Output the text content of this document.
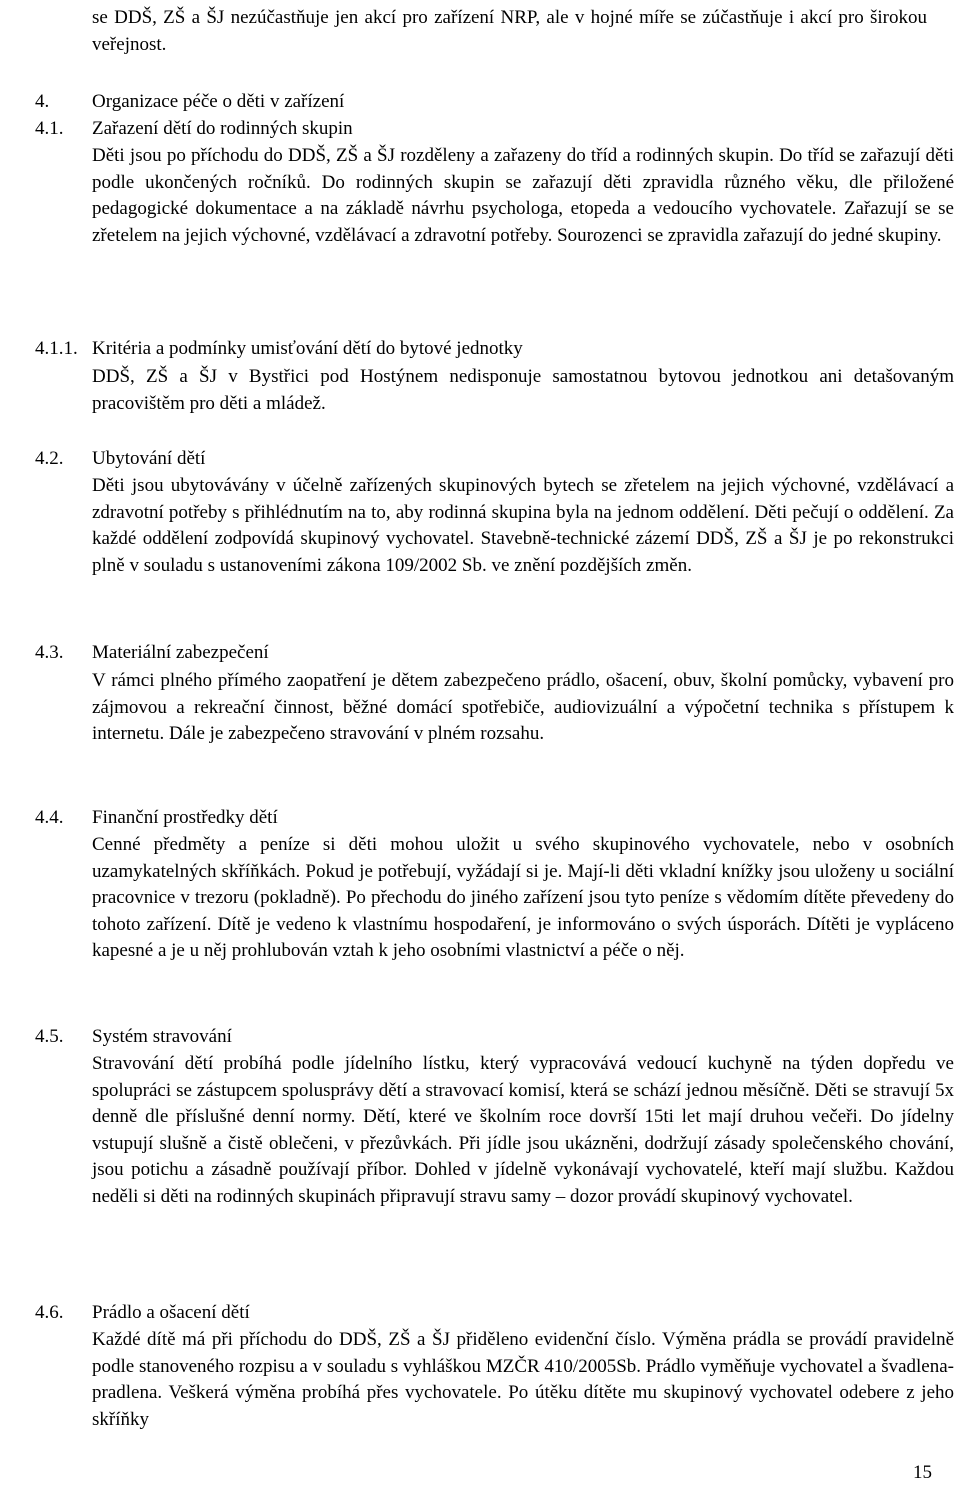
se DDŠ, ZŠ a ŠJ nezúčastňuje jen akcí pro zařízení NRP, ale v hojné míře se zúčastňuje i akcí pro širokou veřejnost.

4. Organizace péče o děti v zařízení
4.1. Zařazení dětí do rodinných skupin

Děti jsou po příchodu do DDŠ, ZŠ a ŠJ rozděleny a zařazeny do tříd a rodinných skupin. Do tříd se zařazují děti podle ukončených ročníků. Do rodinných skupin se zařazují děti zpravidla různého věku, dle přiložené pedagogické dokumentace a na základě návrhu psychologa, etopeda a vedoucího vychovatele. Zařazují se se zřetelem na jejich výchovné, vzdělávací a zdravotní potřeby. Sourozenci se zpravidla zařazují do jedné skupiny.

4.1.1. Kritéria a podmínky umisťování dětí do bytové jednotky

DDŠ, ZŠ a ŠJ v Bystřici pod Hostýnem nedisponuje samostatnou bytovou jednotkou ani detašovaným pracovištěm pro děti a mládež.

4.2. Ubytování dětí

Děti jsou ubytovávány v účelně zařízených skupinových bytech se zřetelem na jejich výchovné, vzdělávací a zdravotní potřeby s přihlédnutím na to, aby rodinná skupina byla na jednom oddělení. Děti pečují o oddělení. Za každé oddělení zodpovídá skupinový vychovatel. Stavebně-technické zázemí DDŠ, ZŠ a ŠJ je po rekonstrukci plně v souladu s ustanoveními zákona 109/2002 Sb. ve znění pozdějších změn.

4.3. Materiální zabezpečení

V rámci plného přímého zaopatření je dětem zabezpečeno prádlo, ošacení, obuv, školní pomůcky, vybavení pro zájmovou a rekreační činnost, běžné domácí spotřebiče, audiovizuální a výpočetní technika s přístupem k internetu. Dále je zabezpečeno stravování v plném rozsahu.

4.4. Finanční prostředky dětí

Cenné předměty a peníze si děti mohou uložit u svého skupinového vychovatele, nebo v osobních uzamykatelných skříňkách. Pokud je potřebují, vyžádají si je. Mají-li děti vkladní knížky jsou uloženy u sociální pracovnice v trezoru (pokladně). Po přechodu do jiného zařízení jsou tyto peníze s vědomím dítěte převedeny do tohoto zařízení. Dítě je vedeno k vlastnímu hospodaření, je informováno o svých úsporách. Dítěti je vypláceno kapesné a je u něj prohlubován vztah k jeho osobními vlastnictví a péče o něj.

4.5. Systém stravování

Stravování dětí probíhá podle jídelního lístku, který vypracovává vedoucí kuchyně na týden dopředu ve spolupráci se zástupcem spolusprávy dětí a stravovací komisí, která se schází jednou měsíčně. Děti se stravují 5x denně dle příslušné denní normy. Dětí, které ve školním roce dovrší 15ti let mají druhou večeři. Do jídelny vstupují slušně a čistě oblečeni, v přezůvkách. Při jídle jsou ukázněni, dodržují zásady společenského chování, jsou potichu a zásadně používají příbor. Dohled v jídelně vykonávají vychovatelé, kteří mají službu. Každou neděli si děti na rodinných skupinách připravují stravu samy – dozor provádí skupinový vychovatel.

4.6. Prádlo a ošacení dětí

Každé dítě má při příchodu do DDŠ, ZŠ a ŠJ přiděleno evidenční číslo. Výměna prádla se provádí pravidelně podle stanoveného rozpisu a v souladu s vyhláškou MZČR 410/2005Sb. Prádlo vyměňuje vychovatel a švadlena-pradlena. Veškerá výměna probíhá přes vychovatele. Po útěku dítěte mu skupinový vychovatel odebere z jeho skříňky

15
